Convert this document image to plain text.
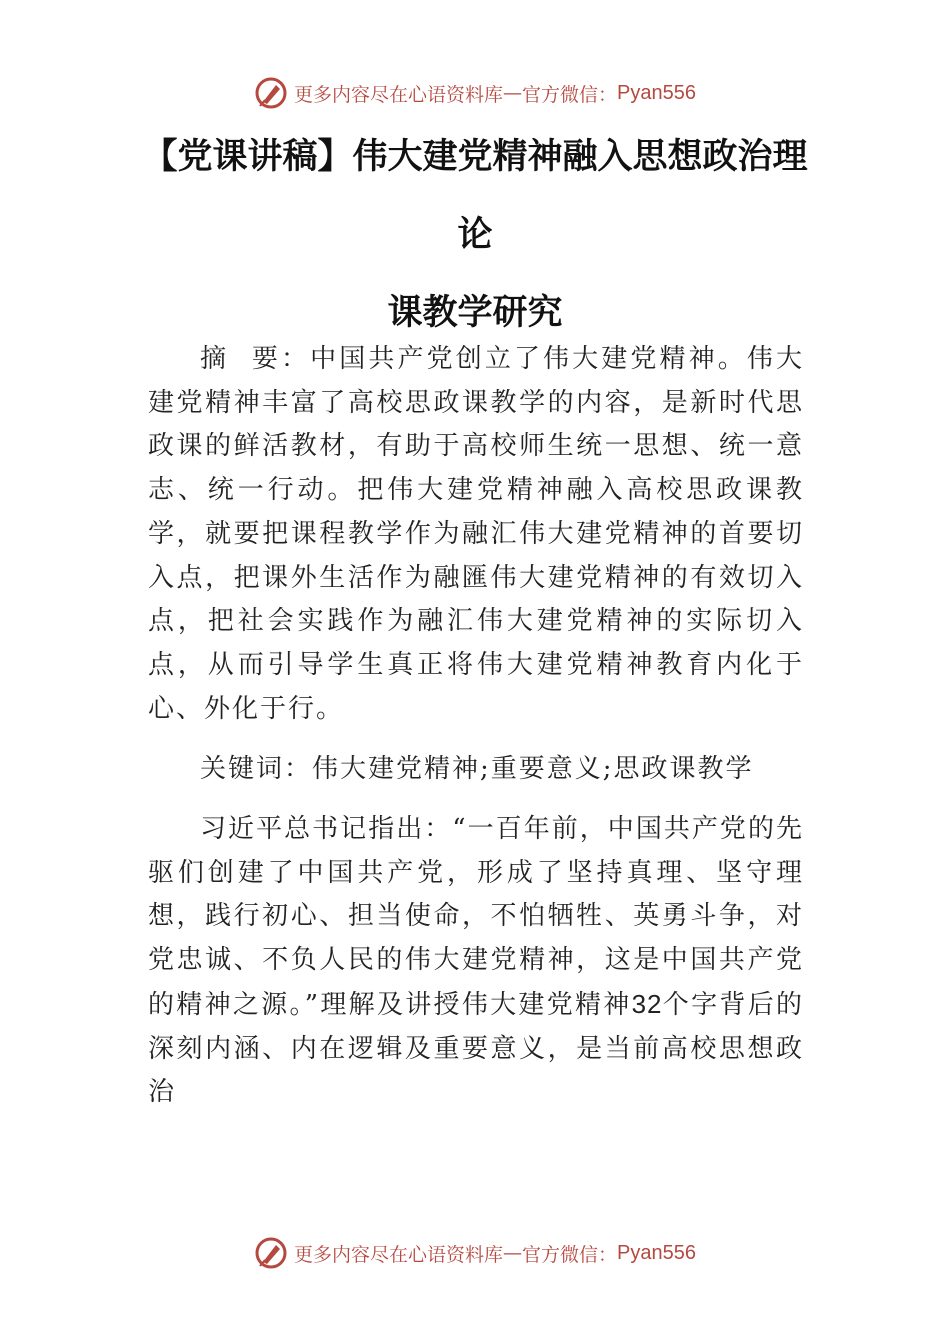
更多内容尽在心语资料库 — 官方微信： Pyan556
【党课讲稿】伟大建党精神融入思想政治理论
课教学研究

摘  要：中国共产党创立了伟大建党精神。伟大建党精神丰富了高校思政课教学的内容，是新时代思政课的鲜活教材，有助于高校师生统一思想、统一意志、统一行动。把伟大建党精神融入高校思政课教学，就要把课程教学作为融汇伟大建党精神的首要切入点，把课外生活作为融匯伟大建党精神的有效切入点，把社会实践作为融汇伟大建党精神的实际切入点，从而引导学生真正将伟大建党精神教育内化于心、外化于行。

关键词：伟大建党精神;重要意义;思政课教学

习近平总书记指出：“一百年前，中国共产党的先驱们创建了中国共产党，形成了坚持真理、坚守理想，践行初心、担当使命，不怕牺牲、英勇斗争，对党忠诚、不负人民的伟大建党精神，这是中国共产党的精神之源。”理解及讲授伟大建党精神32个字背后的深刻内涵、内在逻辑及重要意义，是当前高校思想政治

更多内容尽在心语资料库 — 官方微信： Pyan556
